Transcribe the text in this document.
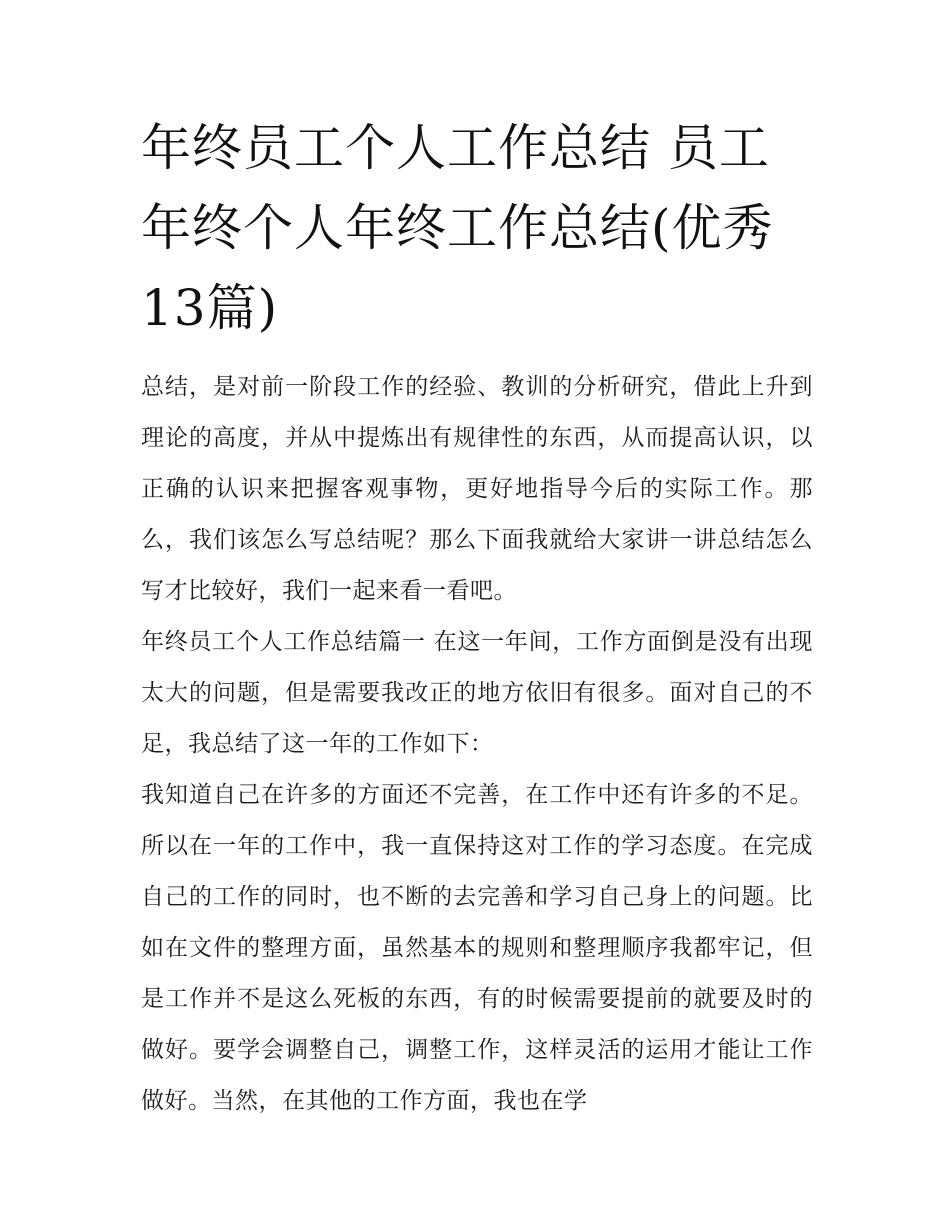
年终员工个人工作总结 员工年终个人年终工作总结(优秀13篇)

总结，是对前一阶段工作的经验、教训的分析研究，借此上升到理论的高度，并从中提炼出有规律性的东西，从而提高认识，以正确的认识来把握客观事物，更好地指导今后的实际工作。那么，我们该怎么写总结呢？那么下面我就给大家讲一讲总结怎么写才比较好，我们一起来看一看吧。

年终员工个人工作总结篇一 在这一年间，工作方面倒是没有出现太大的问题，但是需要我改正的地方依旧有很多。面对自己的不足，我总结了这一年的工作如下：

我知道自己在许多的方面还不完善，在工作中还有许多的不足。所以在一年的工作中，我一直保持这对工作的学习态度。在完成自己的工作的同时，也不断的去完善和学习自己身上的问题。比如在文件的整理方面，虽然基本的规则和整理顺序我都牢记，但是工作并不是这么死板的东西，有的时候需要提前的就要及时的做好。要学会调整自己，调整工作，这样灵活的运用才能让工作做好。当然，在其他的工作方面，我也在学
